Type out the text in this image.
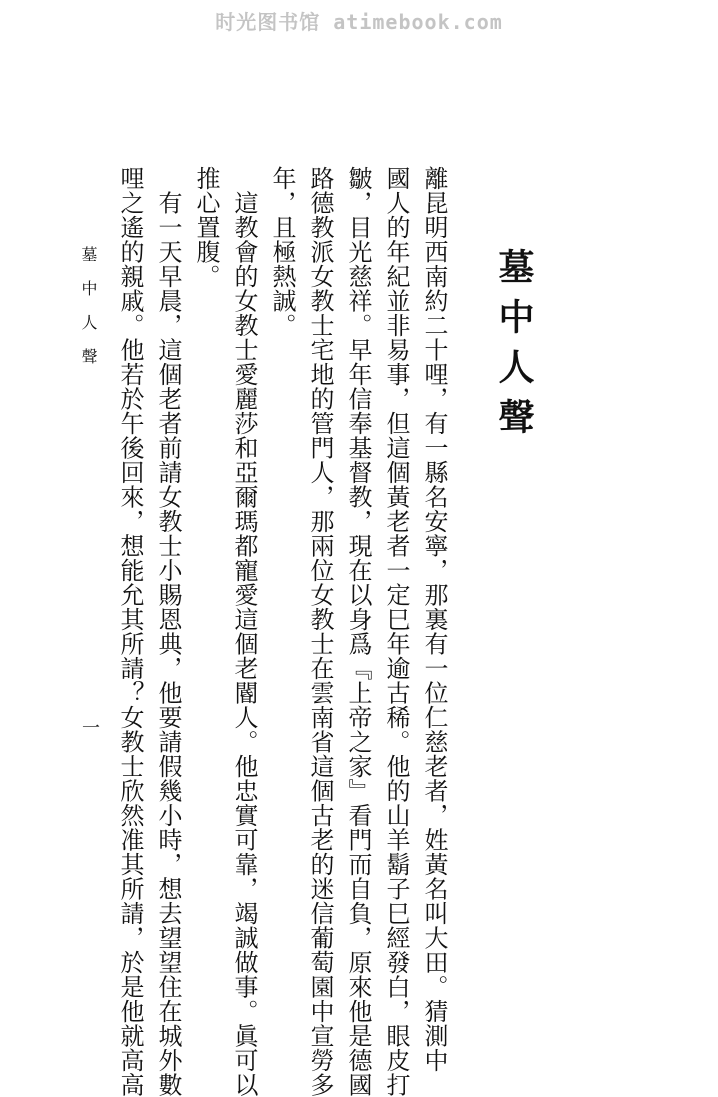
时光图书馆 atimebook.com
墓中人聲
離昆明西南約二十哩，有一縣名安寧，那裏有一位仁慈老者，姓黃名叫大田。猜測中
國人的年紀並非易事，但這個黃老者一定巳年逾古稀。他的山羊鬍子巳經發白，眼皮打
皺，目光慈祥。早年信奉基督教，現在以身爲『上帝之家』看門而自負，原來他是德國
路德教派女教士宅地的管門人，那兩位女教士在雲南省這個古老的迷信葡萄園中宣勞多
年，且極熱誠。
　這教會的女教士愛麗莎和亞爾瑪都寵愛這個老閽人。他忠實可靠，竭誠做事。眞可以
推心置腹。
　有一天早晨，這個老者前請女教士小賜恩典，他要請假幾小時，想去望望住在城外數
哩之遙的親戚。他若於午後回來，想能允其所請？女教士欣然准其所請，於是他就高高
墓中人聲
一
